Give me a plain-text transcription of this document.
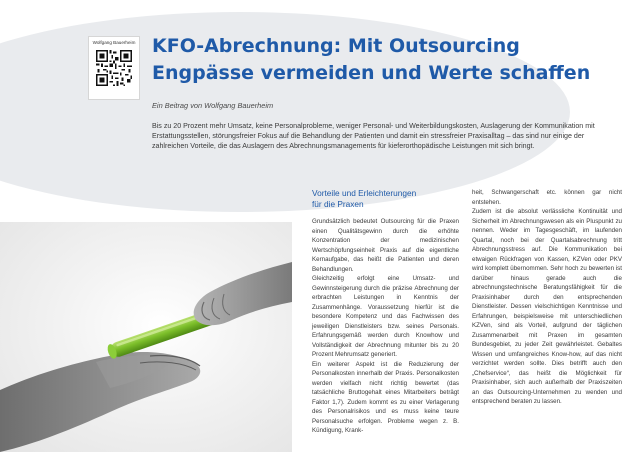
Wolfgang Bauerheim KFO-Abrechnung: Mit Outsourcing Engpässe vermeiden und Werte schaffen

Ein Beitrag von Wolfgang Bauerheim

Bis zu 20 Prozent mehr Umsatz, keine Personalprobleme, weniger Personal- und Weiterbildungskosten, Auslagerung der Kommunikation mit Erstattungsstellen, störungsfreier Fokus auf die Behandlung der Patienten und damit ein stressfreier Praxisalltag – das sind nur einige der zahlreichen Vorteile, die das Auslagern des Abrechnungsmanagements für kieferorthopädische Leistungen mit sich bringt.

Vorteile und Erleichterungen
für die Praxen

Grundsätzlich bedeutet Outsourcing für die Praxen einen Qualitätsgewinn durch die erhöhte Konzentration der medizinischen Wertschöpfungseinheit Praxis auf die eigentliche Kernaufgabe, das heißt die Patienten und deren Behandlungen.
Gleichzeitig erfolgt eine Umsatz- und Gewinnsteigerung durch die präzise Abrechnung der erbrachten Leistungen in Kenntnis der Zusammenhänge. Voraussetzung hierfür ist die besondere Kompetenz und das Fachwissen des jeweiligen Dienstleisters bzw. seines Personals. Erfahrungsgemäß werden durch Knowhow und Vollständigkeit der Abrechnung mitunter bis zu 20 Prozent Mehrumsatz generiert.
Ein weiterer Aspekt ist die Reduzierung der Personalkosten innerhalb der Praxis. Personalkosten werden vielfach nicht richtig bewertet (das tatsächliche Bruttogehalt eines Mitarbeiters beträgt Faktor 1,7). Zudem kommt es zu einer Verlagerung des Personalrisikos und es muss keine teure Personalsuche erfolgen. Probleme wegen z. B. Kündigung, Krank-

heit, Schwangerschaft etc. können gar nicht entstehen.
Zudem ist die absolut verlässliche Kontinuität und Sicherheit im Abrechnungswesen als ein Pluspunkt zu nennen. Weder im Tagesgeschäft, im laufenden Quartal, noch bei der Quartalsabrechnung tritt Abrechnungsstress auf. Die Kommunikation bei etwaigen Rückfragen von Kassen, KZVen oder PKV wird komplett übernommen. Sehr hoch zu bewerten ist darüber hinaus gerade auch die abrechnungstechnische Beratungsfähigkeit für die Praxisinhaber durch den entsprechenden Dienstleister. Dessen vielschichtigen Kenntnisse und Erfahrungen, beispielsweise mit unterschiedlichen KZVen, sind als Vorteil, aufgrund der täglichen Zusammenarbeit mit Praxen im gesamten Bundesgebiet, zu jeder Zeit gewährleistet. Gebaltes Wissen und umfangreiches Know-how, auf das nicht verzichtet werden sollte. Dies betrifft auch den „Chefservice“, das heißt die Möglichkeit für Praxisinhaber, sich auch außerhalb der Praxiszeiten an das Outsourcing-Unternehmen zu wenden und entsprechend beraten zu lassen.
